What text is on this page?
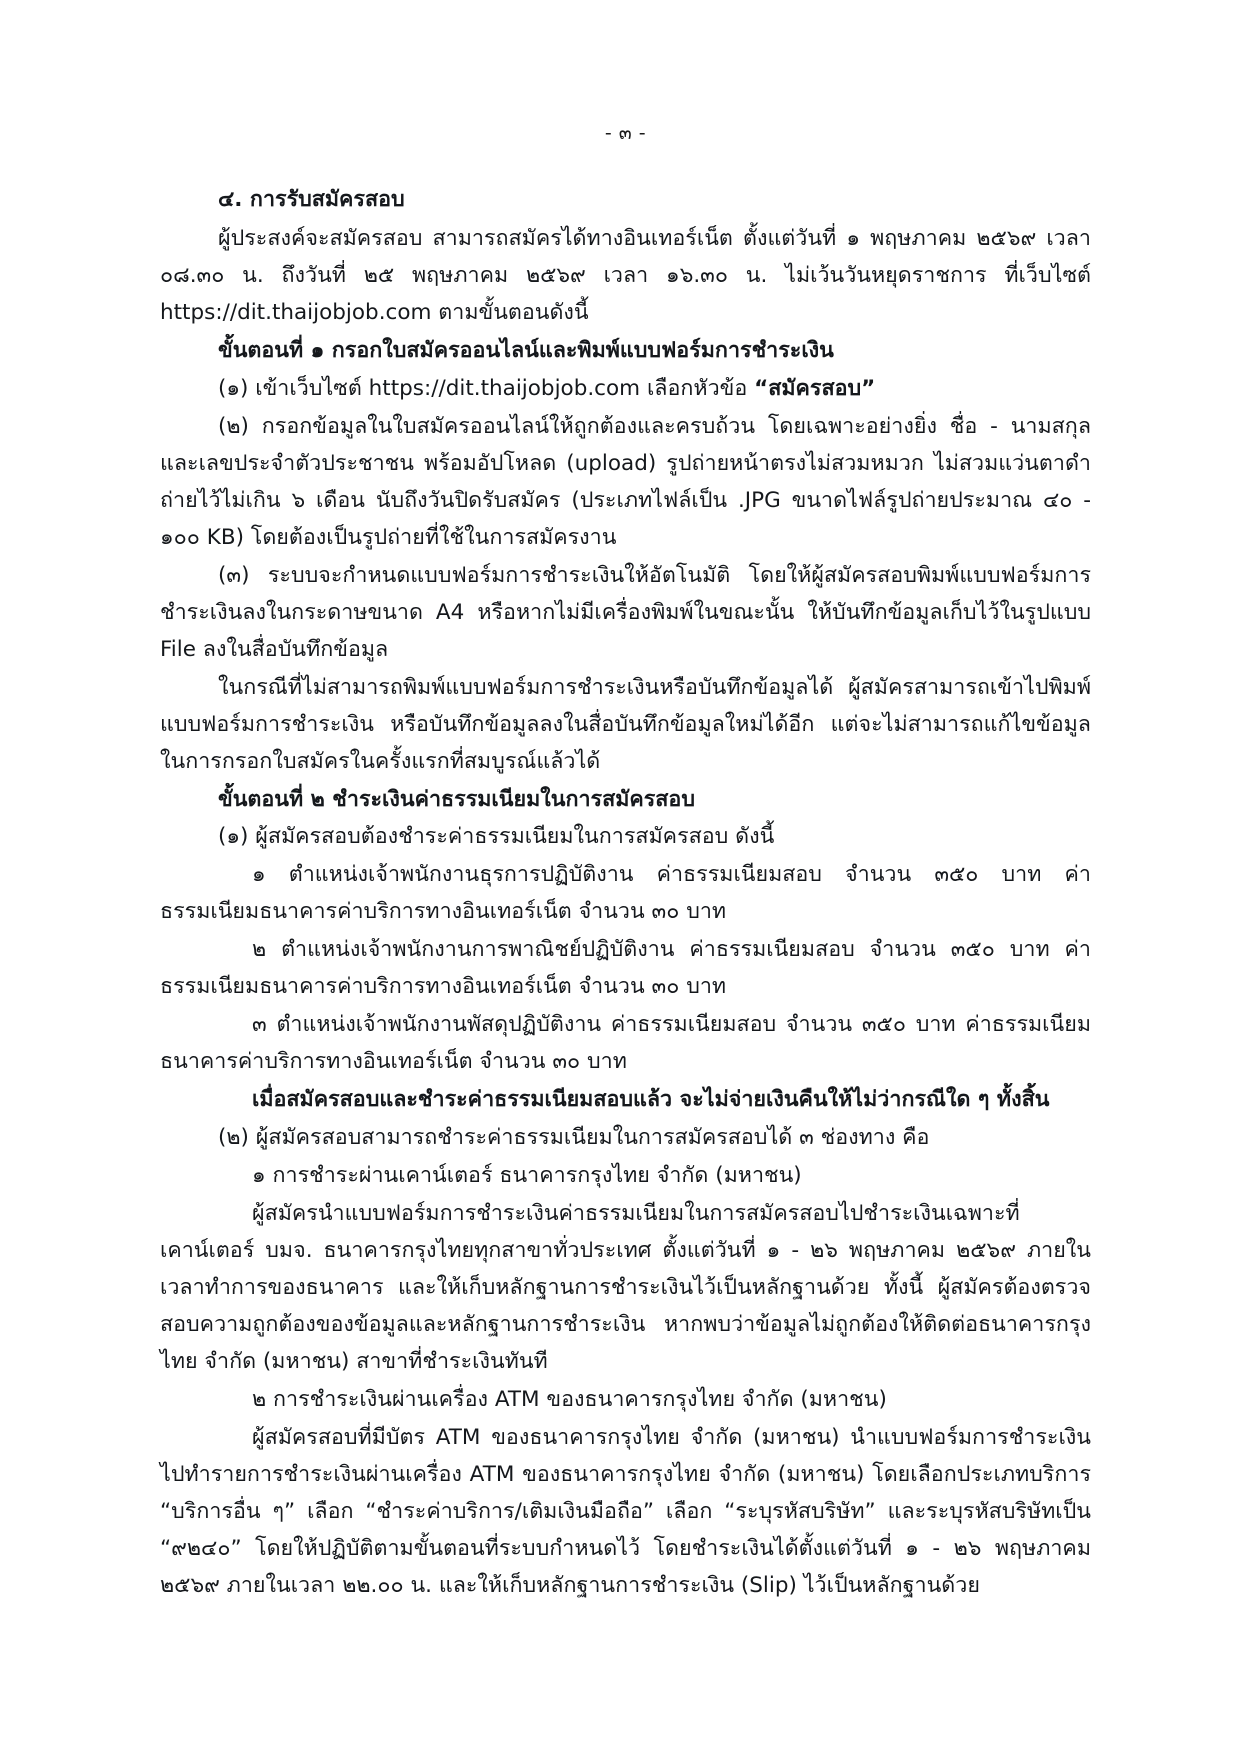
- ๓ -

๔. การรับสมัครสอบ

ผู้ประสงค์จะสมัครสอบ สามารถสมัครได้ทางอินเทอร์เน็ต ตั้งแต่วันที่ ๑ พฤษภาคม ๒๕๖๙ เวลา ๐๘.๓๐ น. ถึงวันที่ ๒๕ พฤษภาคม ๒๕๖๙ เวลา ๑๖.๓๐ น. ไม่เว้นวันหยุดราชการ ที่เว็บไซต์ https://dit.thaijobjob.com ตามขั้นตอนดังนี้

ขั้นตอนที่ ๑ กรอกใบสมัครออนไลน์และพิมพ์แบบฟอร์มการชำระเงิน

(๑) เข้าเว็บไซต์ https://dit.thaijobjob.com เลือกหัวข้อ “สมัครสอบ”

(๒) กรอกข้อมูลในใบสมัครออนไลน์ให้ถูกต้องและครบถ้วน โดยเฉพาะอย่างยิ่ง ชื่อ - นามสกุล และเลขประจำตัวประชาชน พร้อมอัปโหลด (upload) รูปถ่ายหน้าตรงไม่สวมหมวก ไม่สวมแว่นตาดำ ถ่ายไว้ไม่เกิน ๖ เดือน นับถึงวันปิดรับสมัคร (ประเภทไฟล์เป็น .JPG ขนาดไฟล์รูปถ่ายประมาณ ๔๐ - ๑๐๐ KB) โดยต้องเป็นรูปถ่ายที่ใช้ในการสมัครงาน

(๓) ระบบจะกำหนดแบบฟอร์มการชำระเงินให้อัตโนมัติ โดยให้ผู้สมัครสอบพิมพ์แบบฟอร์มการชำระเงินลงในกระดาษขนาด A4 หรือหากไม่มีเครื่องพิมพ์ในขณะนั้น ให้บันทึกข้อมูลเก็บไว้ในรูปแบบ File ลงในสื่อบันทึกข้อมูล

ในกรณีที่ไม่สามารถพิมพ์แบบฟอร์มการชำระเงินหรือบันทึกข้อมูลได้ ผู้สมัครสามารถเข้าไปพิมพ์แบบฟอร์มการชำระเงิน หรือบันทึกข้อมูลลงในสื่อบันทึกข้อมูลใหม่ได้อีก แต่จะไม่สามารถแก้ไขข้อมูลในการกรอกใบสมัครในครั้งแรกที่สมบูรณ์แล้วได้

ขั้นตอนที่ ๒ ชำระเงินค่าธรรมเนียมในการสมัครสอบ

(๑) ผู้สมัครสอบต้องชำระค่าธรรมเนียมในการสมัครสอบ ดังนี้

๑ ตำแหน่งเจ้าพนักงานธุรการปฏิบัติงาน ค่าธรรมเนียมสอบ จำนวน ๓๕๐ บาท ค่าธรรมเนียมธนาคารค่าบริการทางอินเทอร์เน็ต จำนวน ๓๐ บาท

๒ ตำแหน่งเจ้าพนักงานการพาณิชย์ปฏิบัติงาน ค่าธรรมเนียมสอบ จำนวน ๓๕๐ บาท ค่าธรรมเนียมธนาคารค่าบริการทางอินเทอร์เน็ต จำนวน ๓๐ บาท

๓ ตำแหน่งเจ้าพนักงานพัสดุปฏิบัติงาน ค่าธรรมเนียมสอบ จำนวน ๓๕๐ บาท ค่าธรรมเนียมธนาคารค่าบริการทางอินเทอร์เน็ต จำนวน ๓๐ บาท

เมื่อสมัครสอบและชำระค่าธรรมเนียมสอบแล้ว จะไม่จ่ายเงินคืนให้ไม่ว่ากรณีใด ๆ ทั้งสิ้น

(๒) ผู้สมัครสอบสามารถชำระค่าธรรมเนียมในการสมัครสอบได้ ๓ ช่องทาง คือ

๑ การชำระผ่านเคาน์เตอร์ ธนาคารกรุงไทย จำกัด (มหาชน)

ผู้สมัครนำแบบฟอร์มการชำระเงินค่าธรรมเนียมในการสมัครสอบไปชำระเงินเฉพาะที่เคาน์เตอร์ บมจ. ธนาคารกรุงไทยทุกสาขาทั่วประเทศ ตั้งแต่วันที่ ๑ - ๒๖ พฤษภาคม ๒๕๖๙ ภายในเวลาทำการของธนาคาร และให้เก็บหลักฐานการชำระเงินไว้เป็นหลักฐานด้วย ทั้งนี้ ผู้สมัครต้องตรวจสอบความถูกต้องของข้อมูลและหลักฐานการชำระเงิน หากพบว่าข้อมูลไม่ถูกต้องให้ติดต่อธนาคารกรุงไทย จำกัด (มหาชน) สาขาที่ชำระเงินทันที

๒ การชำระเงินผ่านเครื่อง ATM ของธนาคารกรุงไทย จำกัด (มหาชน)

ผู้สมัครสอบที่มีบัตร ATM ของธนาคารกรุงไทย จำกัด (มหาชน) นำแบบฟอร์มการชำระเงิน ไปทำรายการชำระเงินผ่านเครื่อง ATM ของธนาคารกรุงไทย จำกัด (มหาชน) โดยเลือกประเภทบริการ “บริการอื่น ๆ” เลือก “ชำระค่าบริการ/เติมเงินมือถือ” เลือก “ระบุรหัสบริษัท” และระบุรหัสบริษัทเป็น “๙๒๔๐” โดยให้ปฏิบัติตามขั้นตอนที่ระบบกำหนดไว้ โดยชำระเงินได้ตั้งแต่วันที่ ๑ - ๒๖ พฤษภาคม ๒๕๖๙ ภายในเวลา ๒๒.๐๐ น. และให้เก็บหลักฐานการชำระเงิน (Slip) ไว้เป็นหลักฐานด้วย
